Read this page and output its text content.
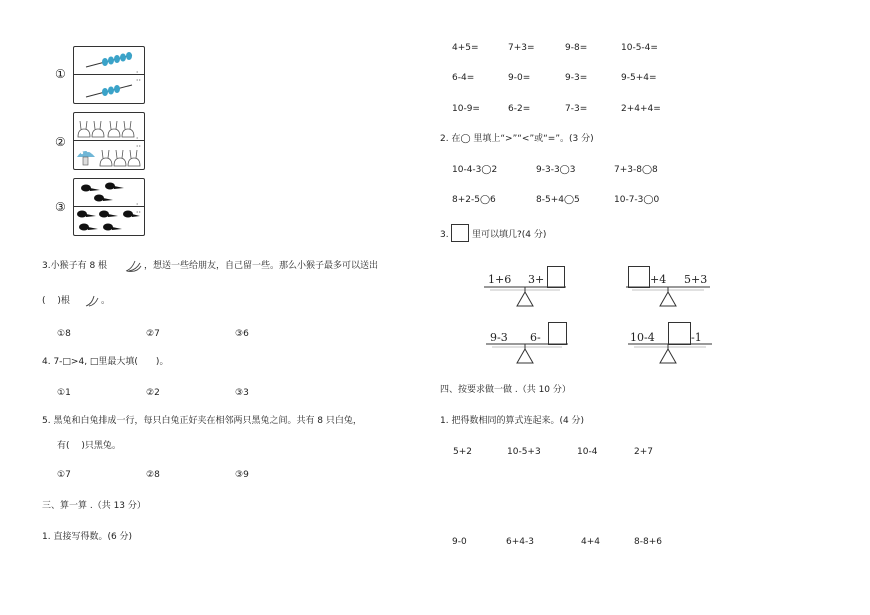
①	·
··
②	·
··
③	·
··
3.小猴子有 8 根	，想送一些给朋友，自己留一些。那么小猴子最多可以送出
(　 )根	。
①8	②7	③6
4. 7-□>4, □里最大填(　　)。
①1	②2	③3
5. 黑兔和白兔排成一行，每只白兔正好夹在相邻两只黑兔之间。共有 8 只白兔，
有(　 )只黑兔。
①7	②8	③9
三、算一算 .（共 13 分）
1. 直接写得数。(6 分)
4+5=	7+3=	9-8=	10-5-4=
6-4=	9-0=	9-3=	9-5+4=
10-9=	6-2=	7-3=	2+4+4=
2. 在◯ 里填上“>”“<”或“=”。(3 分)
10-4-3◯2	9-3-3◯3	7+3-8◯8
8+2-5◯6	8-5+4◯5	10-7-3◯0
3.	里可以填几?(4 分)
1+6 3+	+4 5+3
9-3 6-	10-4	-1
四、按要求做一做 .（共 10 分）
1. 把得数相同的算式连起来。(4 分)
5+2	10-5+3	10-4	2+7
9-0	6+4-3	4+4	8-8+6
